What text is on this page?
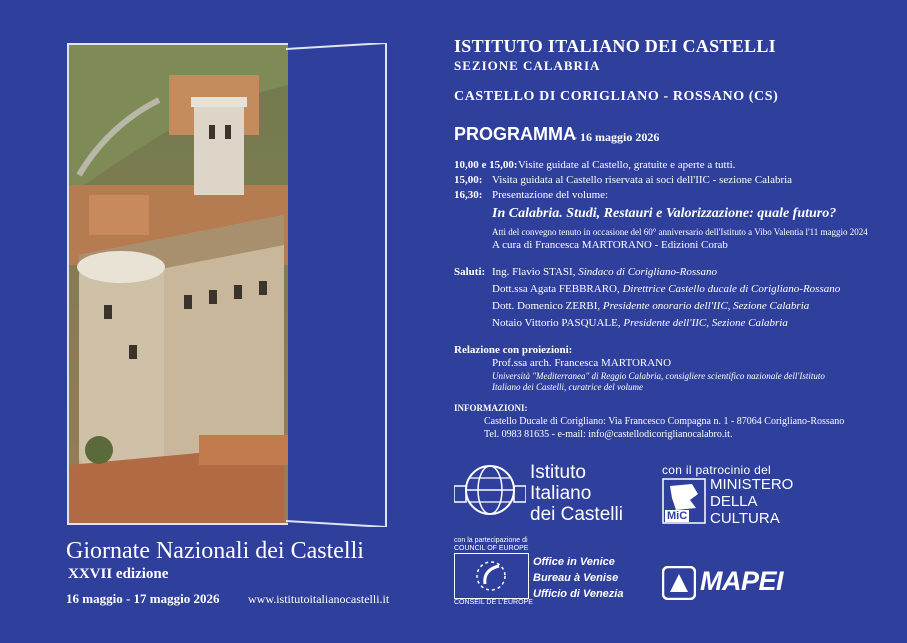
Giornate Nazionali dei Castelli
XXVII edizione
16 maggio - 17 maggio 2026 www.istitutoitalianocastelli.it
ISTITUTO ITALIANO DEI CASTELLI
SEZIONE CALABRIA
CASTELLO DI CORIGLIANO - ROSSANO (CS)
PROGRAMMA
- 16 maggio 2026
10,00 e 15,00: Visite guidate al Castello, gratuite e aperte a tutti.
15,00: Visita guidata al Castello riservata ai soci dell'IIC - sezione Calabria
16,30: Presentazione del volume:
In Calabria. Studi, Restauri e Valorizzazione: quale futuro?
Atti del convegno tenuto in occasione del 60° anniversario dell'Istituto a Vibo Valentia l'11 maggio 2024
A cura di Francesca MARTORANO - Edizioni Corab
Saluti: Ing. Flavio STASI, Sindaco di Corigliano-Rossano
Dott.ssa Agata FEBBRARO, Direttrice Castello ducale di Corigliano-Rossano
Dott. Domenico ZERBI, Presidente onorario dell'IIC, Sezione Calabria
Notaio Vittorio PASQUALE, Presidente dell'IIC, Sezione Calabria
Relazione con proiezioni:
Prof.ssa arch. Francesca MARTORANO
Università "Mediterranea" di Reggio Calabria, consigliere scientifico nazionale dell'Istituto
Italiano dei Castelli, curatrice del volume
INFORMAZIONI:
Castello Ducale di Corigliano: Via Francesco Compagna n. 1 - 87064 Corigliano-Rossano
Tel. 0983 81635 - e-mail: info@castellodicoriglianocalabro.it.
Istituto
Italiano
dei Castelli
con il patrocinio del
MiC
MINISTERO
DELLA
CULTURA
con la partecipazione di
COUNCIL OF EUROPE
CONSEIL DE L'EUROPE
Office in Venice
Bureau à Venise
Ufficio di Venezia	MAPEI
